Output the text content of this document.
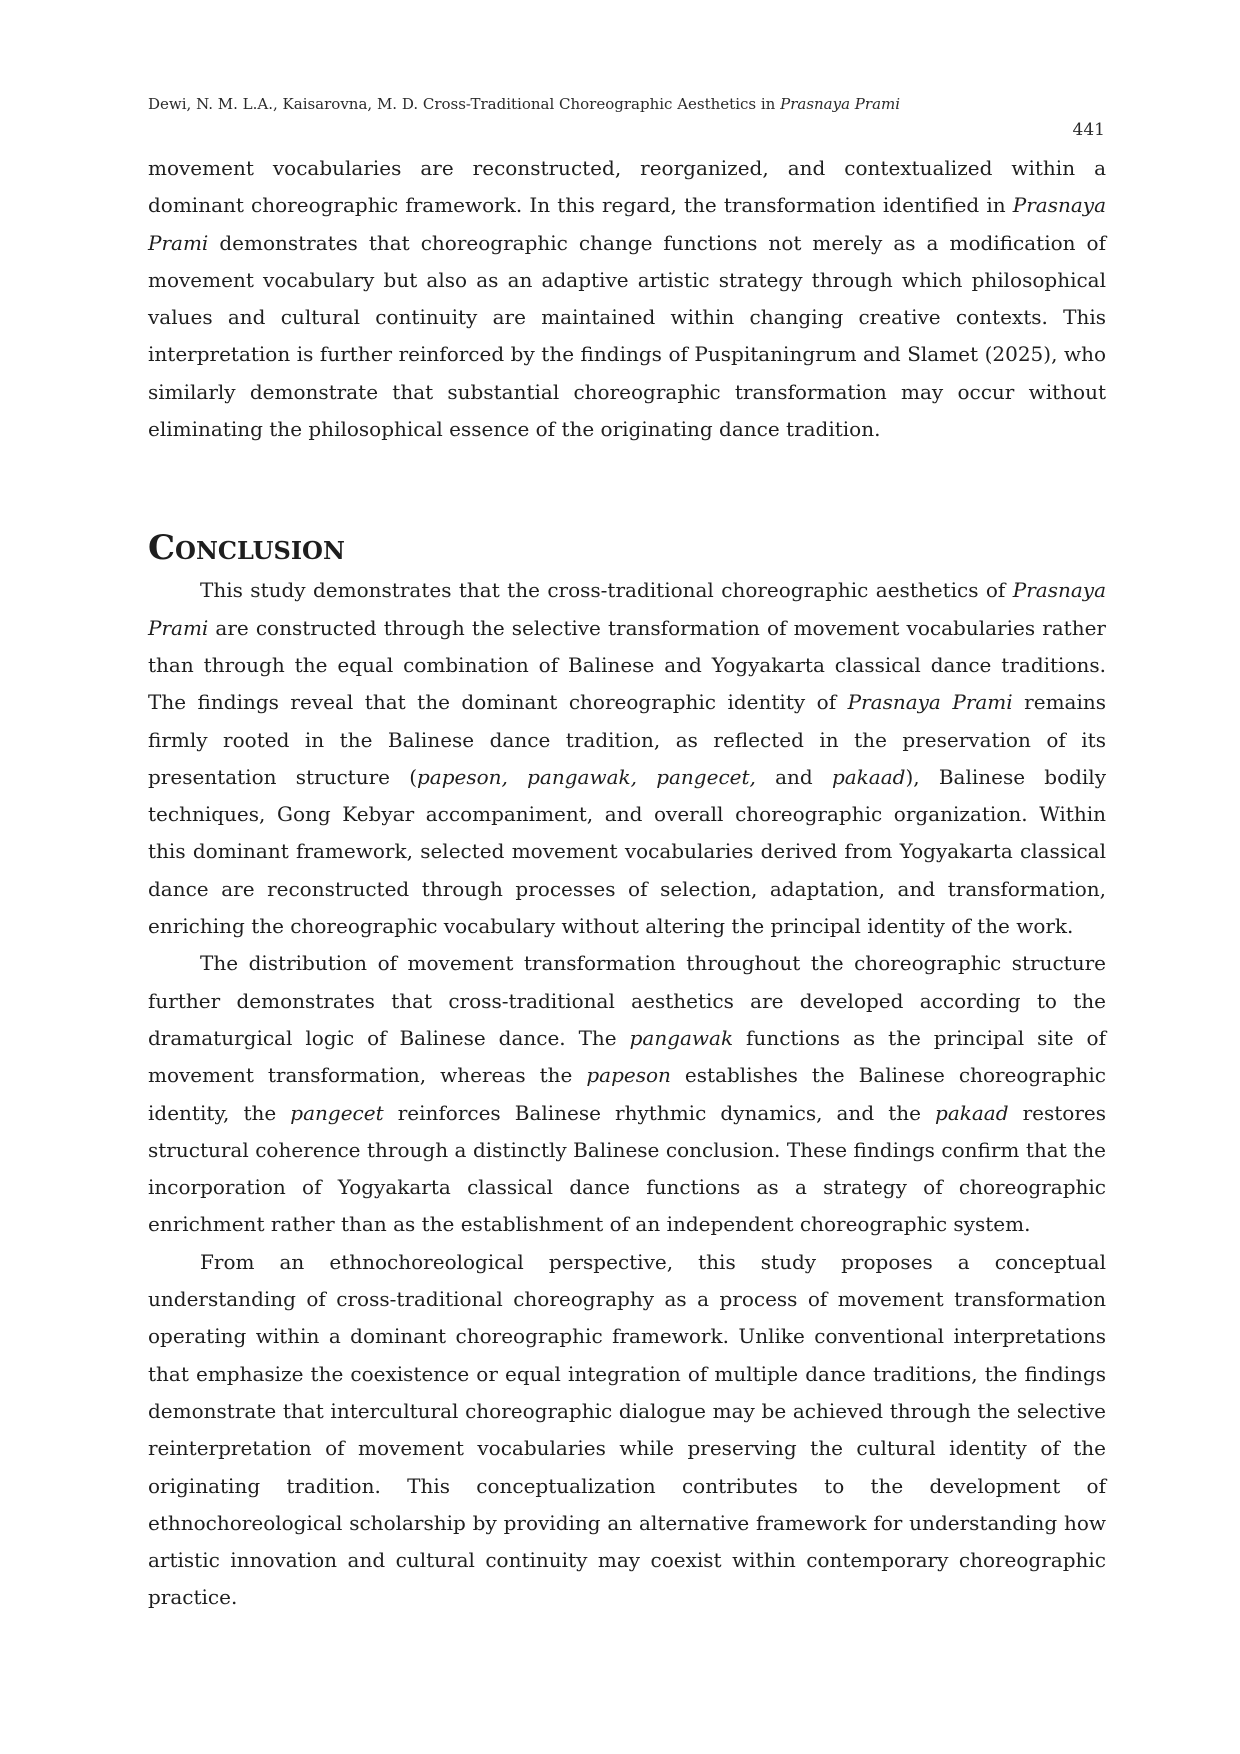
Dewi, N. M. L.A., Kaisarovna, M. D. Cross-Traditional Choreographic Aesthetics in Prasnaya Prami
441

movement vocabularies are reconstructed, reorganized, and contextualized within a dominant choreographic framework. In this regard, the transformation identified in Prasnaya Prami demonstrates that choreographic change functions not merely as a modification of movement vocabulary but also as an adaptive artistic strategy through which philosophical values and cultural continuity are maintained within changing creative contexts. This interpretation is further reinforced by the findings of Puspitaningrum and Slamet (2025), who similarly demonstrate that substantial choreographic transformation may occur without eliminating the philosophical essence of the originating dance tradition.

Conclusion

This study demonstrates that the cross-traditional choreographic aesthetics of Prasnaya Prami are constructed through the selective transformation of movement vocabularies rather than through the equal combination of Balinese and Yogyakarta classical dance traditions. The findings reveal that the dominant choreographic identity of Prasnaya Prami remains firmly rooted in the Balinese dance tradition, as reflected in the preservation of its presentation structure (papeson, pangawak, pangecet, and pakaad), Balinese bodily techniques, Gong Kebyar accompaniment, and overall choreographic organization. Within this dominant framework, selected movement vocabularies derived from Yogyakarta classical dance are reconstructed through processes of selection, adaptation, and transformation, enriching the choreographic vocabulary without altering the principal identity of the work.

The distribution of movement transformation throughout the choreographic structure further demonstrates that cross-traditional aesthetics are developed according to the dramaturgical logic of Balinese dance. The pangawak functions as the principal site of movement transformation, whereas the papeson establishes the Balinese choreographic identity, the pangecet reinforces Balinese rhythmic dynamics, and the pakaad restores structural coherence through a distinctly Balinese conclusion. These findings confirm that the incorporation of Yogyakarta classical dance functions as a strategy of choreographic enrichment rather than as the establishment of an independent choreographic system.

From an ethnochoreological perspective, this study proposes a conceptual understanding of cross-traditional choreography as a process of movement transformation operating within a dominant choreographic framework. Unlike conventional interpretations that emphasize the coexistence or equal integration of multiple dance traditions, the findings demonstrate that intercultural choreographic dialogue may be achieved through the selective reinterpretation of movement vocabularies while preserving the cultural identity of the originating tradition. This conceptualization contributes to the development of ethnochoreological scholarship by providing an alternative framework for understanding how artistic innovation and cultural continuity may coexist within contemporary choreographic practice.
